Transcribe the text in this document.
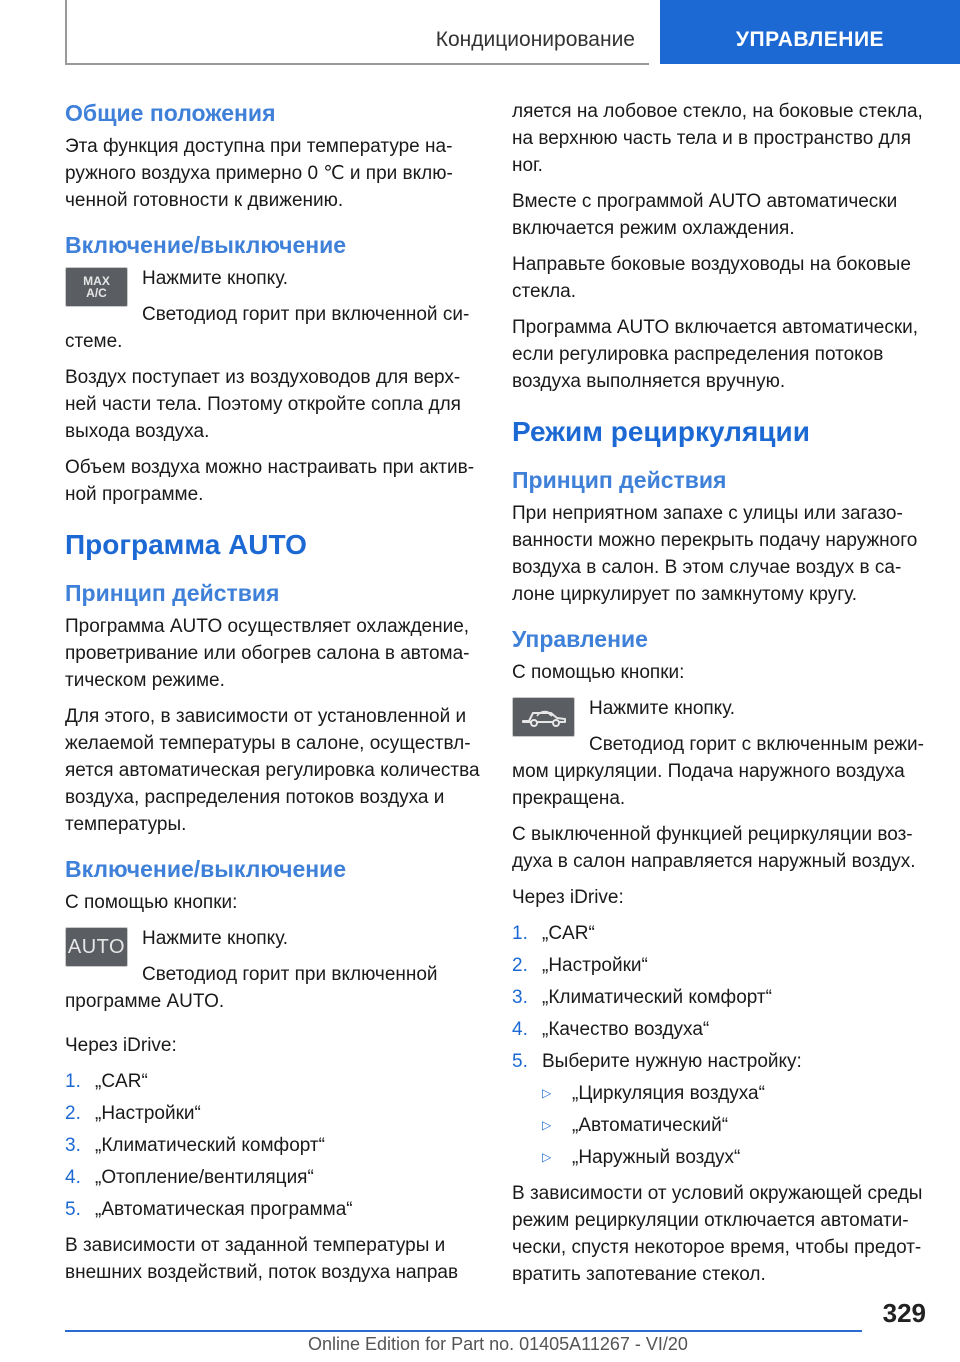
Кондиционирование	УПРАВЛЕНИЕ
Общие положения

Эта функция доступна при температуре наружного воздуха примерно 0 ℃ и при включенной готовности к движению.

Включение/выключение
MAX
A/C

Нажмите кнопку.

Светодиод горит при включенной системе.

Воздух поступает из воздуховодов для верхней части тела. Поэтому откройте сопла для выхода воздуха.

Объем воздуха можно настраивать при активной программе.

Программа AUTO
Принцип действия

Программа AUTO осуществляет охлаждение, проветривание или обогрев салона в автоматическом режиме.

Для этого, в зависимости от установленной и желаемой температуры в салоне, осуществляется автоматическая регулировка количества воздуха, распределения потоков воздуха и температуры.

Включение/выключение

С помощью кнопки:

AUTO Нажмите кнопку.

Светодиод горит при включенной программе AUTO.

Через iDrive:

1. „CAR“
2. „Настройки“
3. „Климатический комфорт“
4. „Отопление/вентиляция“
5. „Автоматическая программа“

В зависимости от заданной температуры и внешних воздействий, поток воздуха направ

ляется на лобовое стекло, на боковые стекла, на верхнюю часть тела и в пространство для ног.

Вместе с программой AUTO автоматически включается режим охлаждения.

Направьте боковые воздуховоды на боковые стекла.

Программа AUTO включается автоматически, если регулировка распределения потоков воздуха выполняется вручную.

Режим рециркуляции
Принцип действия

При неприятном запахе с улицы или загазованности можно перекрыть подачу наружного воздуха в салон. В этом случае воздух в салоне циркулирует по замкнутому кругу.

Управление

С помощью кнопки:

Нажмите кнопку.

Светодиод горит с включенным режимом циркуляции. Подача наружного воздуха прекращена.

С выключенной функцией рециркуляции воздуха в салон направляется наружный воздух.

Через iDrive:

1. „CAR“
2. „Настройки“
3. „Климатический комфорт“
4. „Качество воздуха“
5. Выберите нужную настройку:
▷ „Циркуляция воздуха“
▷ „Автоматический“
▷ „Наружный воздух“

В зависимости от условий окружающей среды режим рециркуляции отключается автоматически, спустя некоторое время, чтобы предотвратить запотевание стекол.

329
Online Edition for Part no. 01405A11267 - VI/20
